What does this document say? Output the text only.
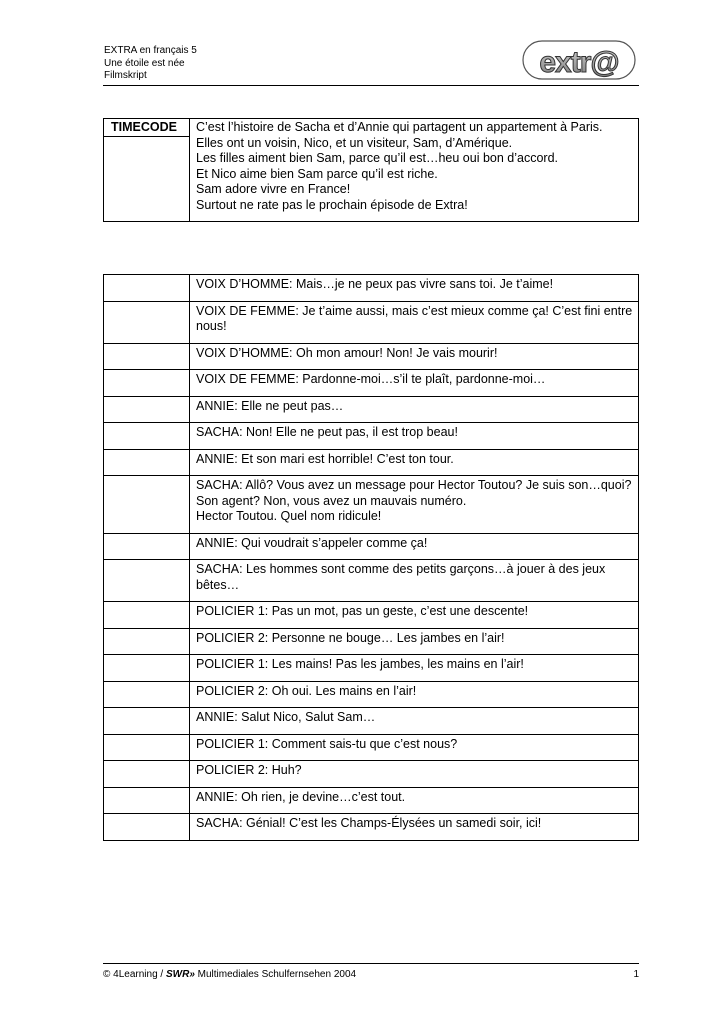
EXTRA en français 5
Une étoile est née
Filmskript	extr@
TIMECODE	C’est l’histoire de Sacha et d’Annie qui partagent un appartement à Paris.
Elles ont un voisin, Nico, et un visiteur, Sam, d’Amérique.
Les filles aiment bien Sam, parce qu’il est…heu oui bon d’accord.
Et Nico aime bien Sam parce qu’il est riche.
Sam adore vivre en France!
Surtout ne rate pas le prochain épisode de Extra!

	VOIX D’HOMME: Mais…je ne peux pas vivre sans toi. Je t’aime!
	VOIX DE FEMME: Je t’aime aussi, mais c’est mieux comme ça! C’est fini entre nous!
	VOIX D’HOMME: Oh mon amour! Non! Je vais mourir!
	VOIX DE FEMME: Pardonne-moi…s’il te plaît, pardonne-moi…
	ANNIE: Elle ne peut pas…
	SACHA: Non! Elle ne peut pas, il est trop beau!
	ANNIE: Et son mari est horrible! C’est ton tour.
	SACHA: Allô? Vous avez un message pour Hector Toutou? Je suis son…quoi? Son agent? Non, vous avez un mauvais numéro.
Hector Toutou. Quel nom ridicule!
	ANNIE: Qui voudrait s’appeler comme ça!
	SACHA: Les hommes sont comme des petits garçons…à jouer à des jeux bêtes…
	POLICIER 1: Pas un mot, pas un geste, c’est une descente!
	POLICIER 2: Personne ne bouge… Les jambes en l’air!
	POLICIER 1: Les mains! Pas les jambes, les mains en l’air!
	POLICIER 2: Oh oui. Les mains en l’air!
	ANNIE: Salut Nico, Salut Sam…
	POLICIER 1: Comment sais-tu que c’est nous?
	POLICIER 2: Huh?
	ANNIE: Oh rien, je devine…c’est tout.
	SACHA: Génial! C’est les Champs-Élysées un samedi soir, ici!
© 4Learning / SWR» Multimediales Schulfernsehen 2004	1
